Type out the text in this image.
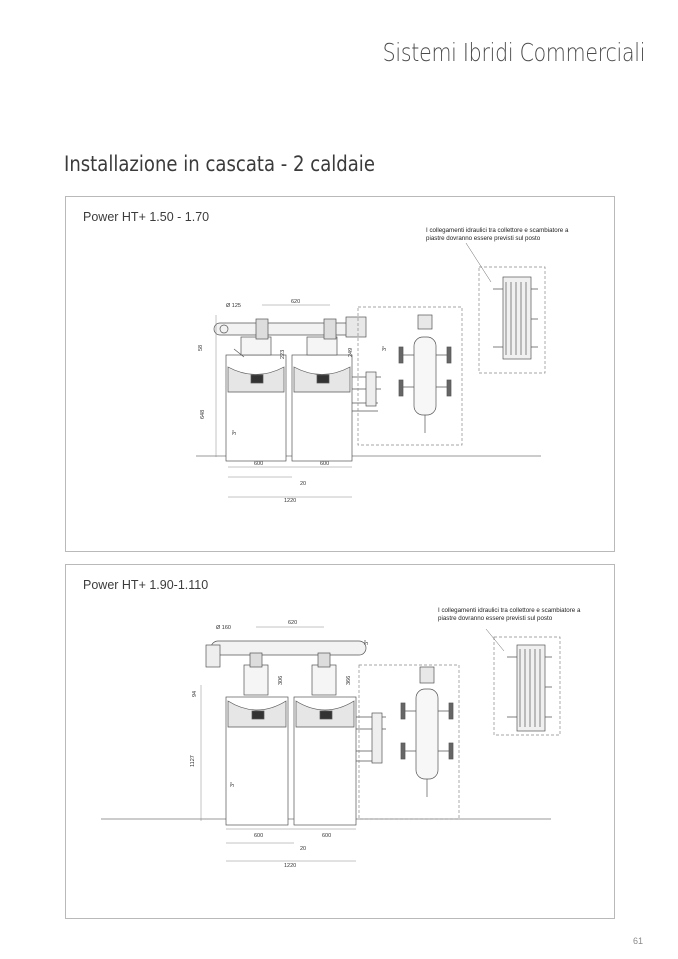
Sistemi Ibridi Commerciali
Installazione in cascata - 2 caldaie
Power HT+ 1.50 - 1.70
I collegamenti idraulici tra collettore e scambiatore a piastre dovranno essere previsti sul posto
Ø 125
620
58
223	249	3°
648
600	600
20
1220
3°
Power HT+ 1.90-1.110
I collegamenti idraulici tra collettore e scambiatore a piastre dovranno essere previsti sul posto
Ø 160
620
94
306	366
3°
1127
600	600
20
1220
3°
61
